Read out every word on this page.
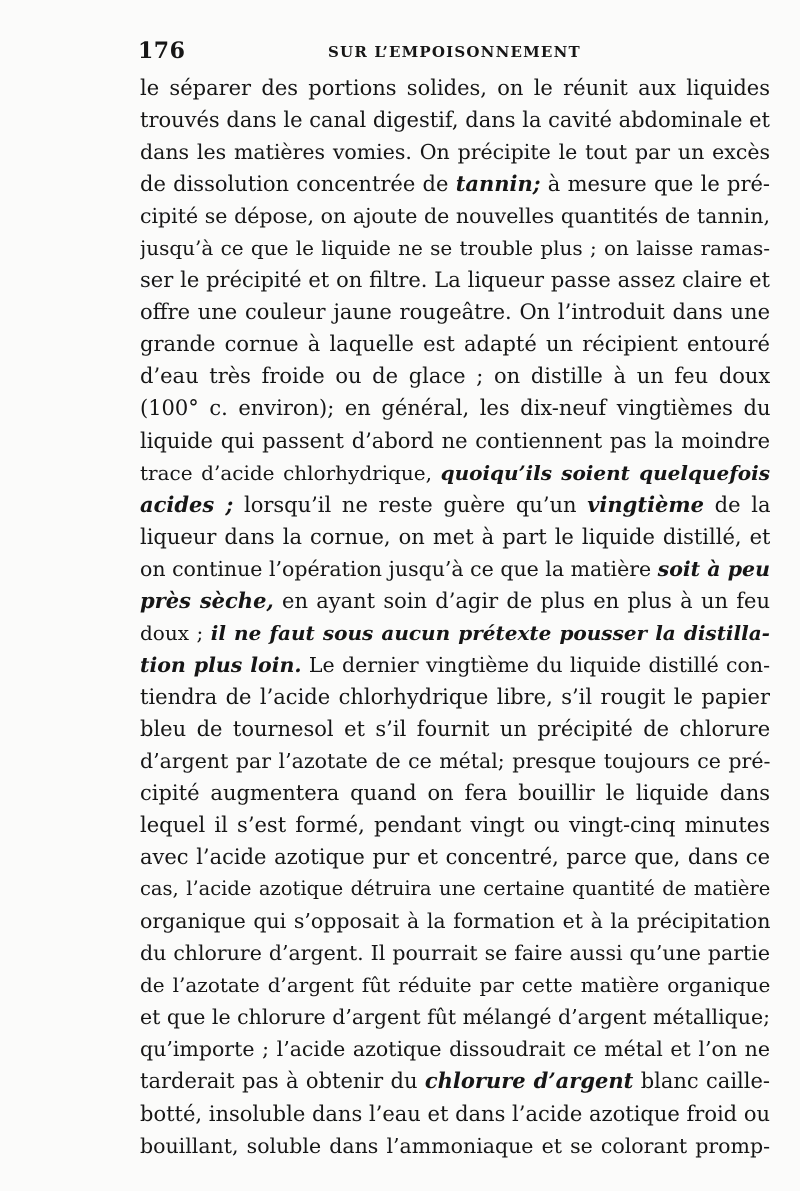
176	SUR L’EMPOISONNEMENT
le séparer des portions solides, on le réunit aux liquides
trouvés dans le canal digestif, dans la cavité abdominale et
dans les matières vomies. On précipite le tout par un excès
de dissolution concentrée de tannin; à mesure que le pré-
cipité se dépose, on ajoute de nouvelles quantités de tannin,
jusqu’à ce que le liquide ne se trouble plus ; on laisse ramas-
ser le précipité et on filtre. La liqueur passe assez claire et
offre une couleur jaune rougeâtre. On l’introduit dans une
grande cornue à laquelle est adapté un récipient entouré
d’eau très froide ou de glace ; on distille à un feu doux
(100° c. environ); en général, les dix-neuf vingtièmes du
liquide qui passent d’abord ne contiennent pas la moindre
trace d’acide chlorhydrique, quoiqu’ils soient quelquefois
acides ; lorsqu’il ne reste guère qu’un vingtième de la
liqueur dans la cornue, on met à part le liquide distillé, et
on continue l’opération jusqu’à ce que la matière soit à peu
près sèche, en ayant soin d’agir de plus en plus à un feu
doux ; il ne faut sous aucun prétexte pousser la distilla-
tion plus loin. Le dernier vingtième du liquide distillé con-
tiendra de l’acide chlorhydrique libre, s’il rougit le papier
bleu de tournesol et s’il fournit un précipité de chlorure
d’argent par l’azotate de ce métal; presque toujours ce pré-
cipité augmentera quand on fera bouillir le liquide dans
lequel il s’est formé, pendant vingt ou vingt-cinq minutes
avec l’acide azotique pur et concentré, parce que, dans ce
cas, l’acide azotique détruira une certaine quantité de matière
organique qui s’opposait à la formation et à la précipitation
du chlorure d’argent. Il pourrait se faire aussi qu’une partie
de l’azotate d’argent fût réduite par cette matière organique
et que le chlorure d’argent fût mélangé d’argent métallique;
qu’importe ; l’acide azotique dissoudrait ce métal et l’on ne
tarderait pas à obtenir du chlorure d’argent blanc caille-
botté, insoluble dans l’eau et dans l’acide azotique froid ou
bouillant, soluble dans l’ammoniaque et se colorant promp-
